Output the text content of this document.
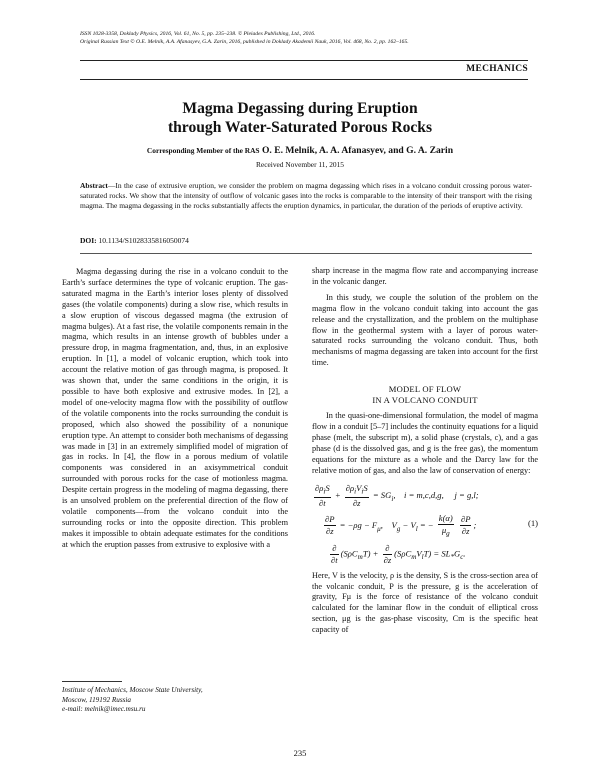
ISSN 1028-3358, Doklady Physics, 2016, Vol. 61, No. 5, pp. 235–238. © Pleiades Publishing, Ltd., 2016.
Original Russian Text © O.E. Melnik, A.A. Afanasyev, G.A. Zarin, 2016, published in Doklady Akademii Nauk, 2016, Vol. 468, No. 2, pp. 162–165.
MECHANICS
Magma Degassing during Eruption
through Water-Saturated Porous Rocks
Corresponding Member of the RAS O. E. Melnik, A. A. Afanasyev, and G. A. Zarin
Received November 11, 2015
Abstract—In the case of extrusive eruption, we consider the problem on magma degassing which rises in a volcano conduit crossing porous water-saturated rocks. We show that the intensity of outflow of volcanic gases into the rocks is comparable to the intensity of their transport with the rising magma. The magma degassing in the rocks substantially affects the eruption dynamics, in particular, the duration of the periods of eruptive activity.
DOI: 10.1134/S1028335816050074

Magma degassing during the rise in a volcano conduit to the Earth’s surface determines the type of volcanic eruption. The gas-saturated magma in the Earth’s interior loses plenty of dissolved gases (the volatile components) during a slow rise, which results in a slow eruption of viscous degassed magma (the extrusion of magma bulges). At a fast rise, the volatile components remain in the magma, which results in an intense growth of bubbles under a pressure drop, in magma fragmentation, and, thus, in an explosive eruption. In [1], a model of volcanic eruption, which took into account the relative motion of gas through magma, is proposed. It was shown that, under the same conditions in the origin, it is possible to have both explosive and extrusive modes. In [2], a model of one-velocity magma flow with the possibility of outflow of the volatile components into the rocks surrounding the conduit is proposed, which also showed the possibility of a nonunique eruption type. An attempt to consider both mechanisms of degassing was made in [3] in an extremely simplified model of migration of gas in rocks. In [4], the flow in a porous medium of volatile components was considered in an axisymmetrical conduit surrounded with porous rocks for the case of motionless magma. Despite certain progress in the modeling of magma degassing, there is an unsolved problem on the preferential direction of the flow of volatile components—from the volcano conduit into the surrounding rocks or into the opposite direction. This problem makes it impossible to obtain adequate estimates for the conditions at which the eruption passes from extrusive to explosive with a

sharp increase in the magma flow rate and accompanying increase in the volcanic danger.

In this study, we couple the solution of the problem on the magma flow in the volcano conduit taking into account the gas release and the crystallization, and the problem on the multiphase flow in the geothermal system with a layer of porous water-saturated rocks surrounding the volcano conduit. Thus, both mechanisms of magma degassing are taken into account for the first time.

MODEL OF FLOW
IN A VOLCANO CONDUIT

In the quasi-one-dimensional formulation, the model of magma flow in a conduit [5–7] includes the continuity equations for a liquid phase (melt, the subscript m), a solid phase (crystals, c), and a gas phase (d is the dissolved gas, and g is the free gas), the momentum equations for the mixture as a whole and the Darcy law for the relative motion of gas, and also the law of conservation of energy:

$\frac{\partial\rho_iS}{\partial t} + \frac{\partial\rho_iV_iS}{\partial z} = SG_i$,    i = m,c,d,g,     j = g,l;
$\frac{\partial P}{\partial z} = -\rho g - F_\mu$,    $V_g - V_l$ = − $\frac{k(\alpha)}{\mu_g}$
$\frac{\partial P}{\partial z}$ ;	(1)
$\frac{\partial}{\partial t} (S\rho C_mT) + \frac{\partial}{\partial z} (S\rho C_mV_lT) = SL_*G_c$.

Here, V is the velocity, ρ is the density, S is the cross-section area of the volcanic conduit, P is the pressure, g is the acceleration of gravity, Fμ is the force of resistance of the volcano conduit calculated for the laminar flow in the conduit of elliptical cross section, μg is the gas-phase viscosity, Cm is the specific heat capacity of

Institute of Mechanics, Moscow State University,
Moscow, 119192 Russia
e-mail: melnik@imec.msu.ru
235
